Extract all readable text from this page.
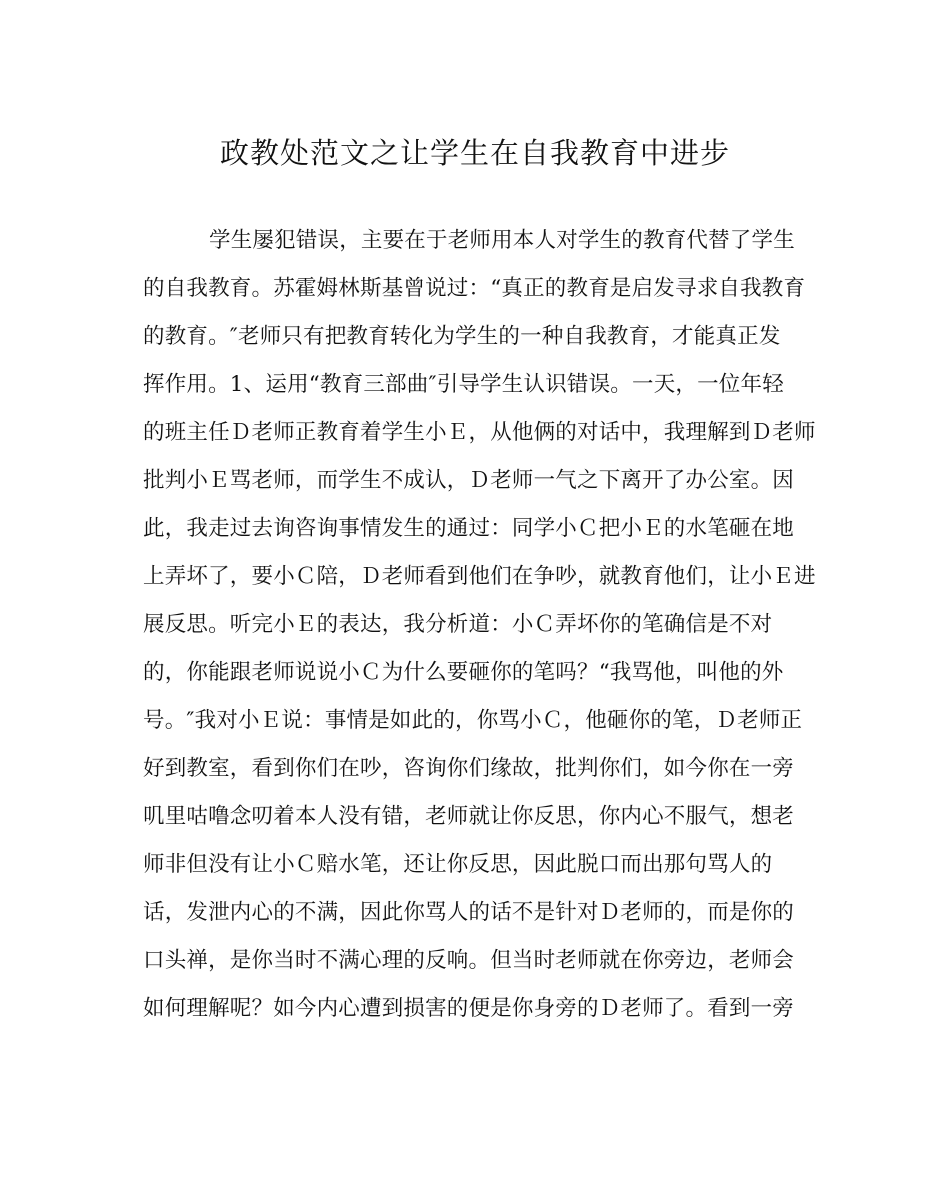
政教处范文之让学生在自我教育中进步
学生屡犯错误，主要在于老师用本人对学生的教育代替了学生
的自我教育。苏霍姆林斯基曾说过：“真正的教育是启发寻求自我教育
的教育。″老师只有把教育转化为学生的一种自我教育，才能真正发
挥作用。1、运用“教育三部曲″引导学生认识错误。一天，一位年轻
的班主任Ｄ老师正教育着学生小Ｅ，从他俩的对话中，我理解到Ｄ老师
批判小Ｅ骂老师，而学生不成认，Ｄ老师一气之下离开了办公室。因
此，我走过去询咨询事情发生的通过：同学小Ｃ把小Ｅ的水笔砸在地
上弄坏了，要小Ｃ陪，Ｄ老师看到他们在争吵，就教育他们，让小Ｅ进
展反思。听完小Ｅ的表达，我分析道：小Ｃ弄坏你的笔确信是不对
的，你能跟老师说说小Ｃ为什么要砸你的笔吗？“我骂他，叫他的外
号。″我对小Ｅ说：事情是如此的，你骂小Ｃ，他砸你的笔，Ｄ老师正
好到教室，看到你们在吵，咨询你们缘故，批判你们，如今你在一旁
叽里咕噜念叨着本人没有错，老师就让你反思，你内心不服气，想老
师非但没有让小Ｃ赔水笔，还让你反思，因此脱口而出那句骂人的
话，发泄内心的不满，因此你骂人的话不是针对Ｄ老师的，而是你的
口头禅，是你当时不满心理的反响。但当时老师就在你旁边，老师会
如何理解呢？如今内心遭到损害的便是你身旁的Ｄ老师了。看到一旁
